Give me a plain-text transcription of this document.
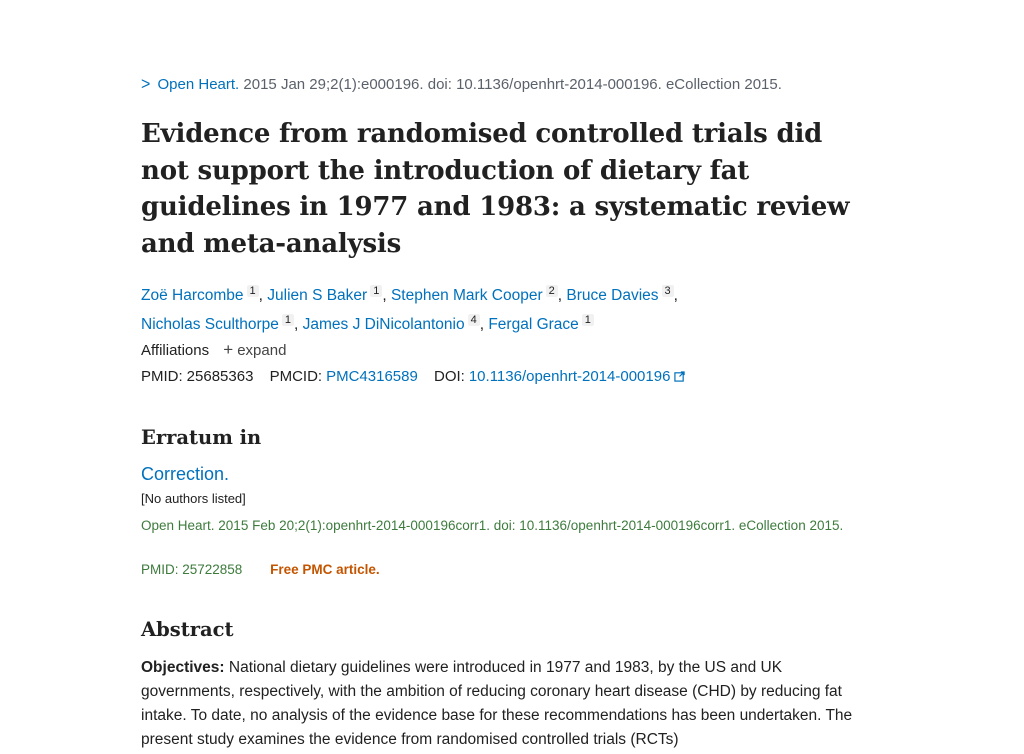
> Open Heart. 2015 Jan 29;2(1):e000196. doi: 10.1136/openhrt-2014-000196. eCollection 2015.
Evidence from randomised controlled trials did not support the introduction of dietary fat guidelines in 1977 and 1983: a systematic review and meta-analysis
Zoë Harcombe $^1$ , Julien S Baker $^1$ , Stephen Mark Cooper $^2$ , Bruce Davies $^3$ ,
Nicholas Sculthorpe $^1$ , James J DiNicolantonio $^4$ , Fergal Grace $^1$
Affiliations + expand
PMID: 25685363 PMCID: PMC4316589 DOI: 10.1136/openhrt-2014-000196
Erratum in
Correction.
[No authors listed]
Open Heart. 2015 Feb 20;2(1):openhrt-2014-000196corr1. doi: 10.1136/openhrt-2014-000196corr1. eCollection 2015.
PMID: 25722858 Free PMC article.
Abstract

Objectives: National dietary guidelines were introduced in 1977 and 1983, by the US and UK governments, respectively, with the ambition of reducing coronary heart disease (CHD) by reducing fat intake. To date, no analysis of the evidence base for these recommendations has been undertaken. The present study examines the evidence from randomised controlled trials (RCTs)
